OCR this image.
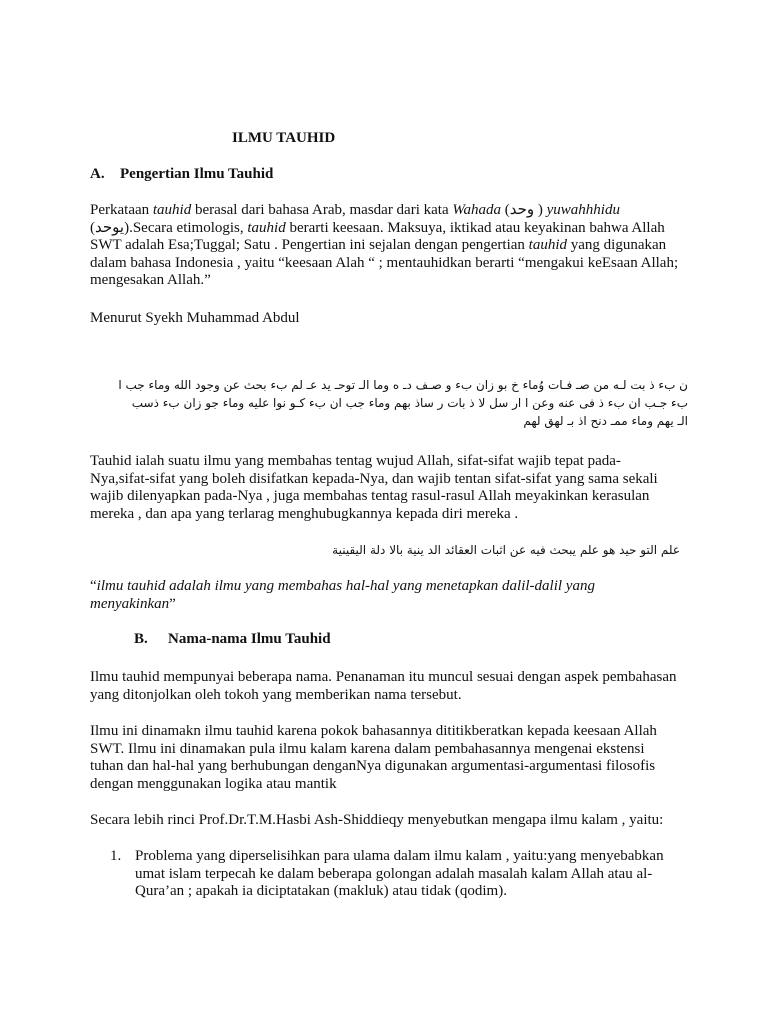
ILMU TAUHID

A. Pengertian Ilmu Tauhid

Perkataan tauhid berasal dari bahasa Arab, masdar dari kata Wahada (وحد ) yuwahhhidu (يوحد).Secara etimologis, tauhid berarti keesaan. Maksuya, iktikad atau keyakinan bahwa Allah SWT adalah Esa;Tuggal; Satu . Pengertian ini sejalan dengan pengertian tauhid yang digunakan dalam bahasa Indonesia , yaitu “keesaan Alah “ ; mentauhidkan berarti “mengakui keEsaan Allah; mengesakan Allah.”

Menurut Syekh Muhammad Abdul

ن بء ذ بت لـه من صـ فـات وُماء خ بو زان بء و صـف دـ ه وما الـ توحـ يد عـ لم بء بحث عن وجود الله وماء جب ا
بء جـب ان بء ذ فى عنه وعن ا ار سل لا ذ بات ر ساذ بهم وماء جب ان بء كـو نوا عليه وماء جو زان بء ذسب
الـ يهم وماء ممـ دنح اذ بـ لهق لهم

Tauhid ialah suatu ilmu yang membahas tentag wujud Allah, sifat-sifat wajib tepat pada-Nya,sifat-sifat yang boleh disifatkan kepada-Nya, dan wajib tentan sifat-sifat yang sama sekali wajib dilenyapkan pada-Nya , juga membahas tentag rasul-rasul Allah meyakinkan kerasulan mereka , dan apa yang terlarag menghubugkannya kepada diri mereka .

علم التو حيد هو علم يبحث فيه عن اثبات العقائد الد ينية بالا دلة اليقينية

“ilmu tauhid adalah ilmu yang membahas hal-hal yang menetapkan dalil-dalil yang menyakinkan”

B. Nama-nama Ilmu Tauhid

Ilmu tauhid mempunyai beberapa nama. Penanaman itu muncul sesuai dengan aspek pembahasan yang ditonjolkan oleh tokoh yang memberikan nama tersebut.

Ilmu ini dinamakn ilmu tauhid karena pokok bahasannya dititikberatkan kepada keesaan Allah SWT. Ilmu ini dinamakan pula ilmu kalam karena dalam pembahasannya mengenai ekstensi tuhan dan hal-hal yang berhubungan denganNya digunakan argumentasi-argumentasi filosofis dengan menggunakan logika atau mantik

Secara lebih rinci Prof.Dr.T.M.Hasbi Ash-Shiddieqy menyebutkan mengapa ilmu kalam , yaitu:

1. Problema yang diperselisihkan para ulama dalam ilmu kalam , yaitu:yang menyebabkan umat islam terpecah ke dalam beberapa golongan adalah masalah kalam Allah atau al-Qura’an ; apakah ia diciptatakan (makluk) atau tidak (qodim).
